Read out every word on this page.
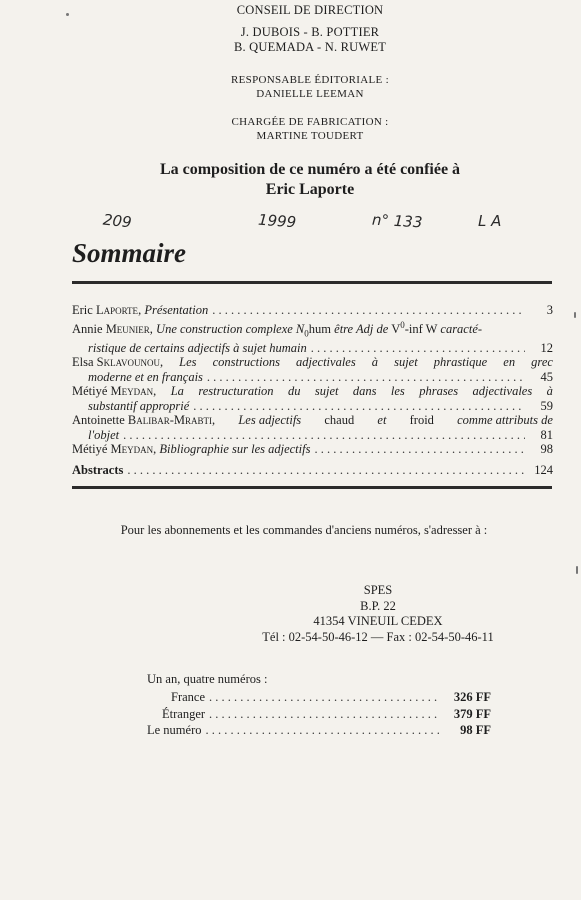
CONSEIL DE DIRECTION
J. DUBOIS - B. POTTIER
B. QUEMADA - N. RUWET
RESPONSABLE ÉDITORIALE :
DANIELLE LEEMAN
CHARGÉE DE FABRICATION :
MARTINE TOUDERT
La composition de ce numéro a été confiée à
Eric Laporte
209	1999	n° 133	L A
Sommaire
Eric Laporte, Présentation . . .	3
Annie Meunier, Une construction complexe $N_0hum$ être Adj de $V^0$-inf W caracté-
ristique de certains adjectifs à sujet humain . . .	12
Elsa Sklavounou, Les constructions adjectivales à sujet phrastique en grec
moderne et en français . . .	45
Métiyé Meydan, La restructuration du sujet dans les phrases adjectivales à
substantif approprié . . .	59
Antoinette Balibar-Mrabti, Les adjectifs chaud et froid comme attributs de
l'objet . . .	81
Métiyé Meydan, Bibliographie sur les adjectifs . . .	98
Abstracts . . .	124
Pour les abonnements et les commandes d'anciens numéros, s'adresser à :
SPES
B.P. 22
41354 VINEUIL CEDEX
Tél : 02-54-50-46-12 — Fax : 02-54-50-46-11
Un an, quatre numéros :
France . . .	326 FF
Étranger . . .	379 FF
Le numéro . . .	98 FF
